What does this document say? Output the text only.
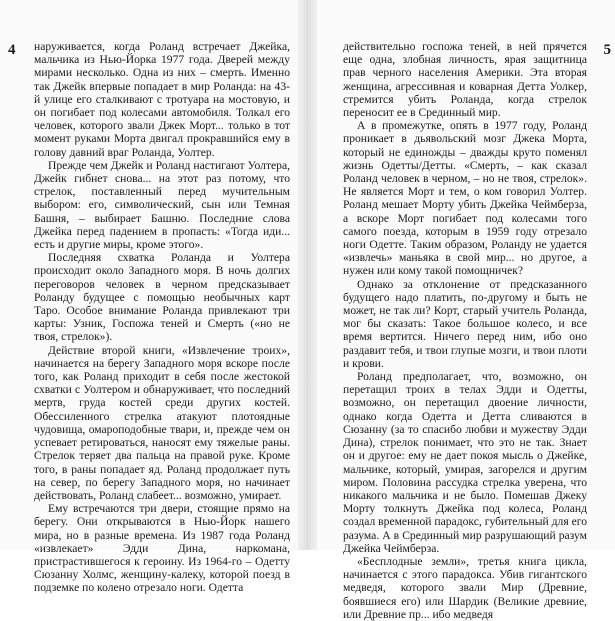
4 наруживается, когда Роланд встречает Джейка, мальчика из Нью-Йорка 1977 года. Дверей между мирами несколько. Одна из них – смерть. Именно так Джейк впервые попадает в мир Роланда: на 43-й улице его сталкивают с тротуара на мостовую, и он погибает под колесами автомобиля. Толкал его человек, которого звали Джек Морт... только в тот момент руками Морта двигал прокравшийся ему в голову давний враг Роланда, Уолтер.

Прежде чем Джейк и Роланд настигают Уолтера, Джейк гибнет снова... на этот раз потому, что стрелок, поставленный перед мучительным выбором: его, символический, сын или Темная Башня, – выбирает Башню. Последние слова Джейка перед падением в пропасть: «Тогда иди... есть и другие миры, кроме этого».

Последняя схватка Роланда и Уолтера происходит около Западного моря. В ночь долгих переговоров человек в черном предсказывает Роланду будущее с помощью необычных карт Таро. Особое внимание Роланда привлекают три карты: Узник, Госпожа теней и Смерть («но не твоя, стрелок»).

Действие второй книги, «Извлечение троих», начинается на берегу Западного моря вскоре после того, как Роланд приходит в себя после жестокой схватки с Уолтером и обнаруживает, что последний мертв, груда костей среди других костей. Обессиленного стрелка атакуют плотоядные чудовища, омароподобные твари, и, прежде чем он успевает ретироваться, наносят ему тяжелые раны. Стрелок теряет два пальца на правой руке. Кроме того, в раны попадает яд. Роланд продолжает путь на север, по берегу Западного моря, но начинает действовать, Роланд слабеет... возможно, умирает.

Ему встречаются три двери, стоящие прямо на берегу. Они открываются в Нью-Йорк нашего мира, но в разные времена. Из 1987 года Роланд «извлекает» Эдди Дина, наркомана, пристрастившегося к героину. Из 1964-го – Одетту Сюзанну Холмс, женщину-калеку, которой поезд в подземке по колено отрезало ноги. Одетта

5

действительно госпожа теней, в ней прячется еще одна, злобная личность, ярая защитница прав черного населения Америки. Эта вторая женщина, агрессивная и коварная Детта Уолкер, стремится убить Роланда, когда стрелок переносит ее в Срединный мир.

А в промежутке, опять в 1977 году, Роланд проникает в дьявольский мозг Джека Морта, который не единожды – дважды круто поменял жизнь Одетты/Детты. «Смерть, – как сказал Роланд человек в черном, – но не твоя, стрелок». Не является Морт и тем, о ком говорил Уолтер. Роланд мешает Морту убить Джейка Чеймберза, а вскоре Морт погибает под колесами того самого поезда, которым в 1959 году отрезало ноги Одетте. Таким образом, Роланду не удается «извлечь» маньяка в свой мир... но другое, а нужен или кому такой помощничек?

Однако за отклонение от предсказанного будущего надо платить, по-другому и быть не может, не так ли? Корт, старый учитель Роланда, мог бы сказать: Такое большое колесо, и все время вертится. Ничего перед ним, ибо оно раздавит тебя, и твои глупые мозги, и твои плоти и крови.

Роланд предполагает, что, возможно, он перетащил троих в телах Эдди и Одетты, возможно, он перетащил двоение личности, однако когда Одетта и Детта сливаются в Сюзанну (за то спасибо любви и мужеству Эдди Дина), стрелок понимает, что это не так. Знает он и другое: ему не дает покоя мысль о Джейке, мальчике, который, умирая, загорелся и другим миром. Половина рассудка стрелка уверена, что никакого мальчика и не было. Помешав Джеку Морту толкнуть Джейка под колеса, Роланд создал временной парадокс, губительный для его разума. А в Срединный мир разрушающий разум Джейка Чеймберза.

«Бесплодные земли», третья книга цикла, начинается с этого парадокса. Убив гигантского медведя, которого звали Мир (Древние, боявшиеся его) или Шардик (Великие древние, или Древние пр... ибо медведя
